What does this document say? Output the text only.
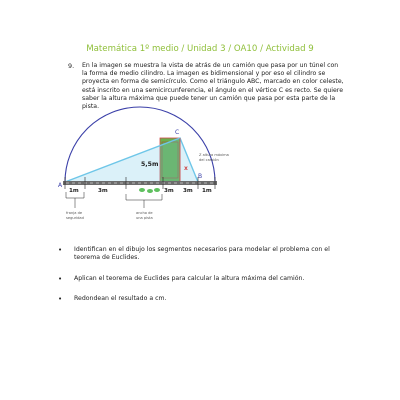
Matemática 1º medio / Unidad 3 / OA10 / Actividad 9
9. En la imagen se muestra la vista de atrás de un camión que pasa por un túnel con la forma de medio cilindro. La imagen es bidimensional y por eso el cilindro se proyecta en forma de semicírculo. Como el triángulo ABC, marcado en color celeste, está inscrito en una semicircunferencia, el ángulo en el vértice C es recto. Se quiere saber la altura máxima que puede tener un camión que pasa por esta parte de la pista.

A
B
C
5,5m
x
1m	3m	3m 3m 1m
Z altura máxima del camión
franja de seguridad
ancho de una pista
• Identifican en el dibujo los segmentos necesarios para modelar el problema con el teorema de Euclides.
• Aplican el teorema de Euclides para calcular la altura máxima del camión.
• Redondean el resultado a cm.
